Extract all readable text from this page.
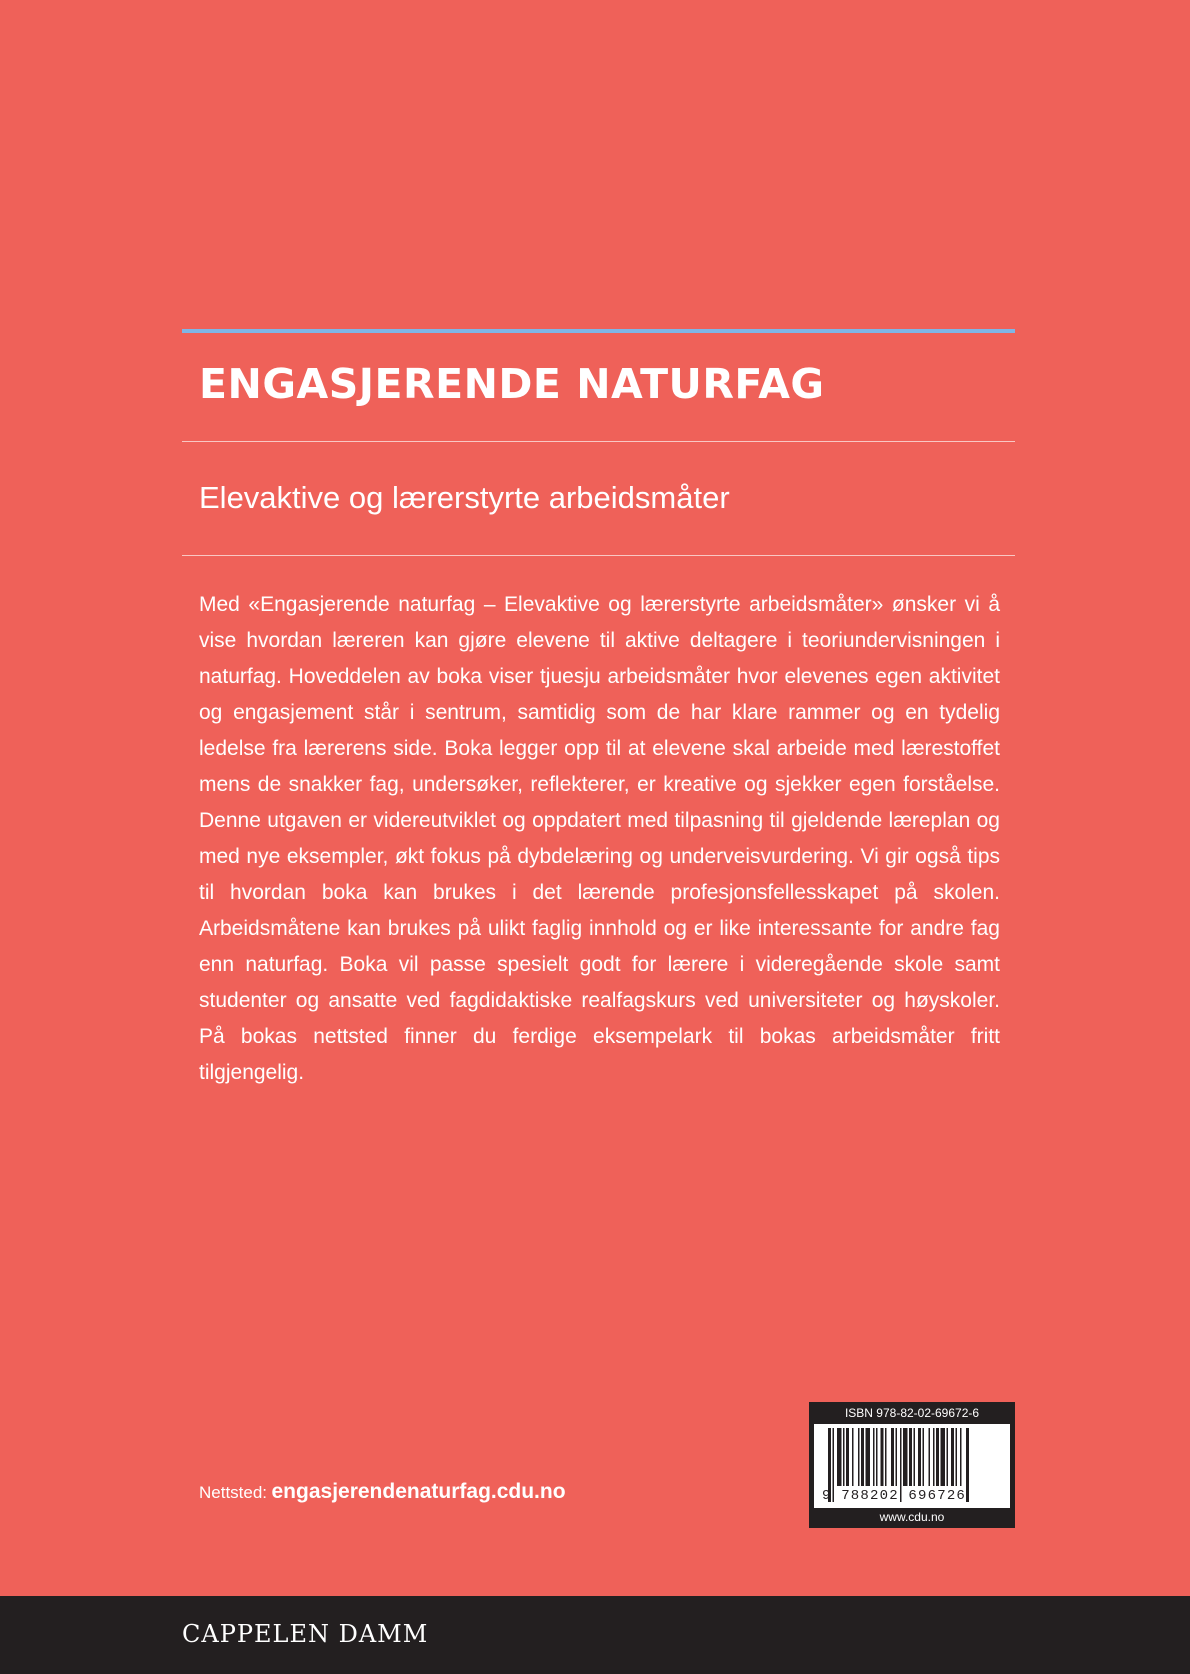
ENGASJERENDE NATURFAG
Elevaktive og lærerstyrte arbeidsmåter

Med «Engasjerende naturfag – Elevaktive og lærerstyrte arbeidsmåter» ønsker vi å vise hvordan læreren kan gjøre elevene til aktive deltagere i teoriundervisningen i naturfag. Hoveddelen av boka viser tjuesju arbeidsmåter hvor elevenes egen aktivitet og engasjement står i sentrum, samtidig som de har klare rammer og en tydelig ledelse fra lærerens side. Boka legger opp til at elevene skal arbeide med lærestoffet mens de snakker fag, undersøker, reflekterer, er kreative og sjekker egen forståelse. Denne utgaven er videreutviklet og oppdatert med tilpasning til gjeldende læreplan og med nye eksempler, økt fokus på dybdelæring og underveisvurdering. Vi gir også tips til hvordan boka kan brukes i det lærende profesjonsfellesskapet på skolen. Arbeidsmåtene kan brukes på ulikt faglig innhold og er like interessante for andre fag enn naturfag. Boka vil passe spesielt godt for lærere i videregående skole samt studenter og ansatte ved fagdidaktiske realfagskurs ved universiteter og høyskoler. På bokas nettsted finner du ferdige eksempelark til bokas arbeidsmåter fritt tilgjengelig.

Nettsted: engasjerendenaturfag.cdu.no
ISBN 978-82-02-69672-6
9 788202 696726
www.cdu.no
CAPPELEN DAMM
